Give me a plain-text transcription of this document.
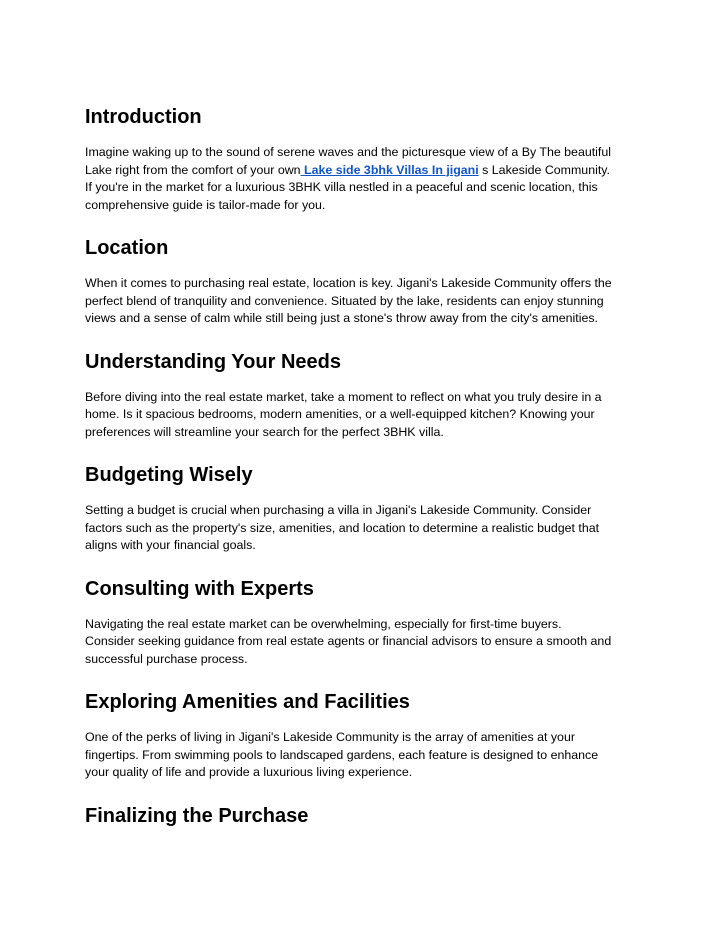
Introduction

Imagine waking up to the sound of serene waves and the picturesque view of a By The beautiful
Lake right from the comfort of your own Lake side 3bhk Villas In jigani s Lakeside Community.
If you're in the market for a luxurious 3BHK villa nestled in a peaceful and scenic location, this
comprehensive guide is tailor-made for you.

Location

When it comes to purchasing real estate, location is key. Jigani's Lakeside Community offers the
perfect blend of tranquility and convenience. Situated by the lake, residents can enjoy stunning
views and a sense of calm while still being just a stone's throw away from the city's amenities.

Understanding Your Needs

Before diving into the real estate market, take a moment to reflect on what you truly desire in a
home. Is it spacious bedrooms, modern amenities, or a well-equipped kitchen? Knowing your
preferences will streamline your search for the perfect 3BHK villa.

Budgeting Wisely

Setting a budget is crucial when purchasing a villa in Jigani's Lakeside Community. Consider
factors such as the property's size, amenities, and location to determine a realistic budget that
aligns with your financial goals.

Consulting with Experts

Navigating the real estate market can be overwhelming, especially for first-time buyers.
Consider seeking guidance from real estate agents or financial advisors to ensure a smooth and
successful purchase process.

Exploring Amenities and Facilities

One of the perks of living in Jigani's Lakeside Community is the array of amenities at your
fingertips. From swimming pools to landscaped gardens, each feature is designed to enhance
your quality of life and provide a luxurious living experience.

Finalizing the Purchase
